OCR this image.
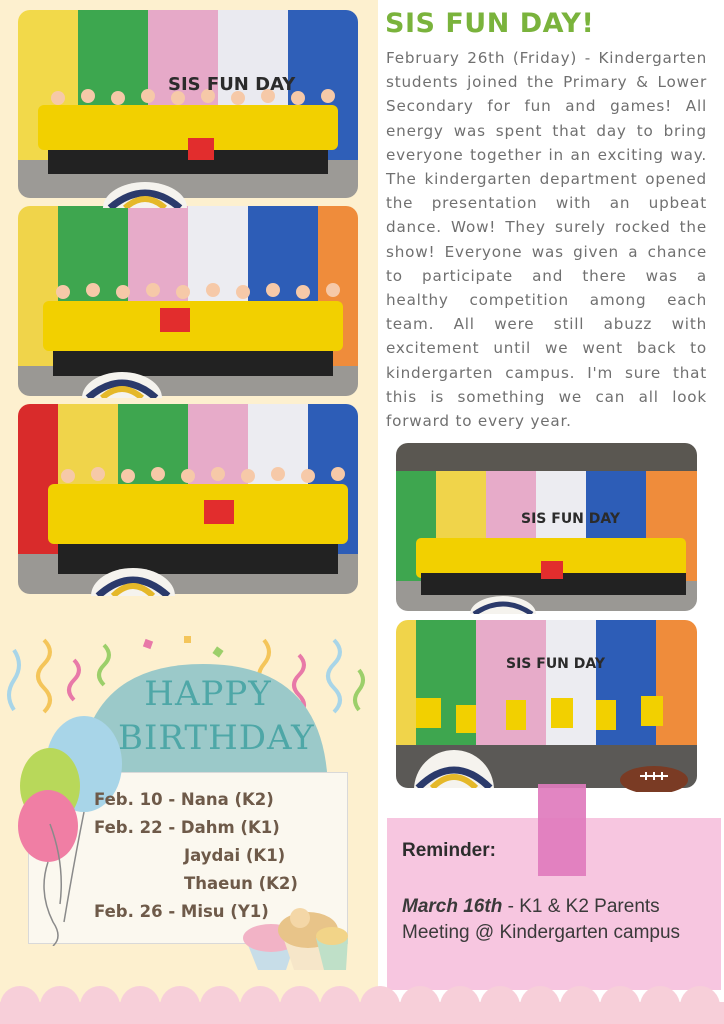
SIS FUN DAY
SIS FUN DAY
SIS FUN DAY
SIS FUN DAY!

February 26th (Friday) - Kindergarten students joined the Primary & Lower Secondary for fun and games! All energy was spent that day to bring everyone together in an exciting way. The kindergarten department opened the presentation with an upbeat dance. Wow! They surely rocked the show! Everyone was given a chance to participate and there was a healthy competition among each team. All were still abuzz with excitement until we went back to kindergarten campus. I'm sure that this is something we can all look forward to every year.

HAPPY
BIRTHDAY
Feb. 10 - Nana (K2)
Feb. 22 - Dahm (K1)
Jaydai (K1)
Thaeun (K2)
Feb. 26 - Misu (Y1)
Reminder:

March 16th - K1 & K2 Parents Meeting @ Kindergarten campus
